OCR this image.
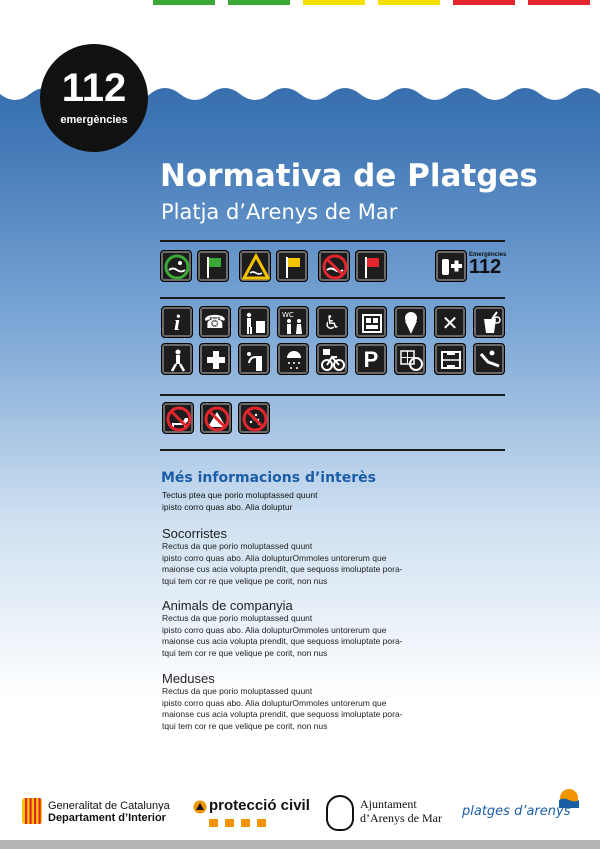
112
emergències
Normativa de Platges
Platja d’Arenys de Mar
Emergències
112
i	☎	WC	♿	✕
P
Més informacions d’interès

Tectus ptea que porio moluptassed quunt

ipisto corro quas abo. Alia doluptur

Socorristes

Rectus da que porio moluptassed quunt

ipisto corro quas abo. Alia dolupturOmmoles untorerum que

maionse cus acia volupta prendit, que sequoss imoluptate pora-

tqui tem cor re que velique pe corit, non nus

Animals de companyia

Rectus da que porio moluptassed quunt

ipisto corro quas abo. Alia dolupturOmmoles untorerum que

maionse cus acia volupta prendit, que sequoss imoluptate pora-

tqui tem cor re que velique pe corit, non nus

Meduses

Rectus da que porio moluptassed quunt

ipisto corro quas abo. Alia dolupturOmmoles untorerum que

maionse cus acia volupta prendit, que sequoss imoluptate pora-

tqui tem cor re que velique pe corit, non nus

Generalitat de Catalunya
Departament d’Interior
protecció civil	Ajuntament
d’Arenys de Mar platges d’arenys
